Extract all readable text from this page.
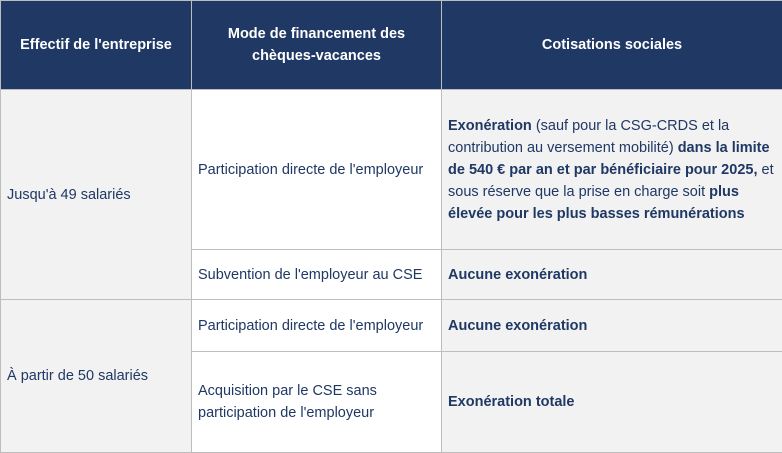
Effectif de l'entreprise	Mode de financement des chèques-vacances	Cotisations sociales
Jusqu'à 49 salariés	Participation directe de l'employeur	Exonération (sauf pour la CSG-CRDS et la contribution au versement mobilité) dans la limite de 540 € par an et par bénéficiaire pour 2025, et sous réserve que la prise en charge soit plus élevée pour les plus basses rémunérations
	Subvention de l'employeur au CSE	Aucune exonération
À partir de 50 salariés	Participation directe de l'employeur	Aucune exonération
	Acquisition par le CSE sans participation de l'employeur	Exonération totale
